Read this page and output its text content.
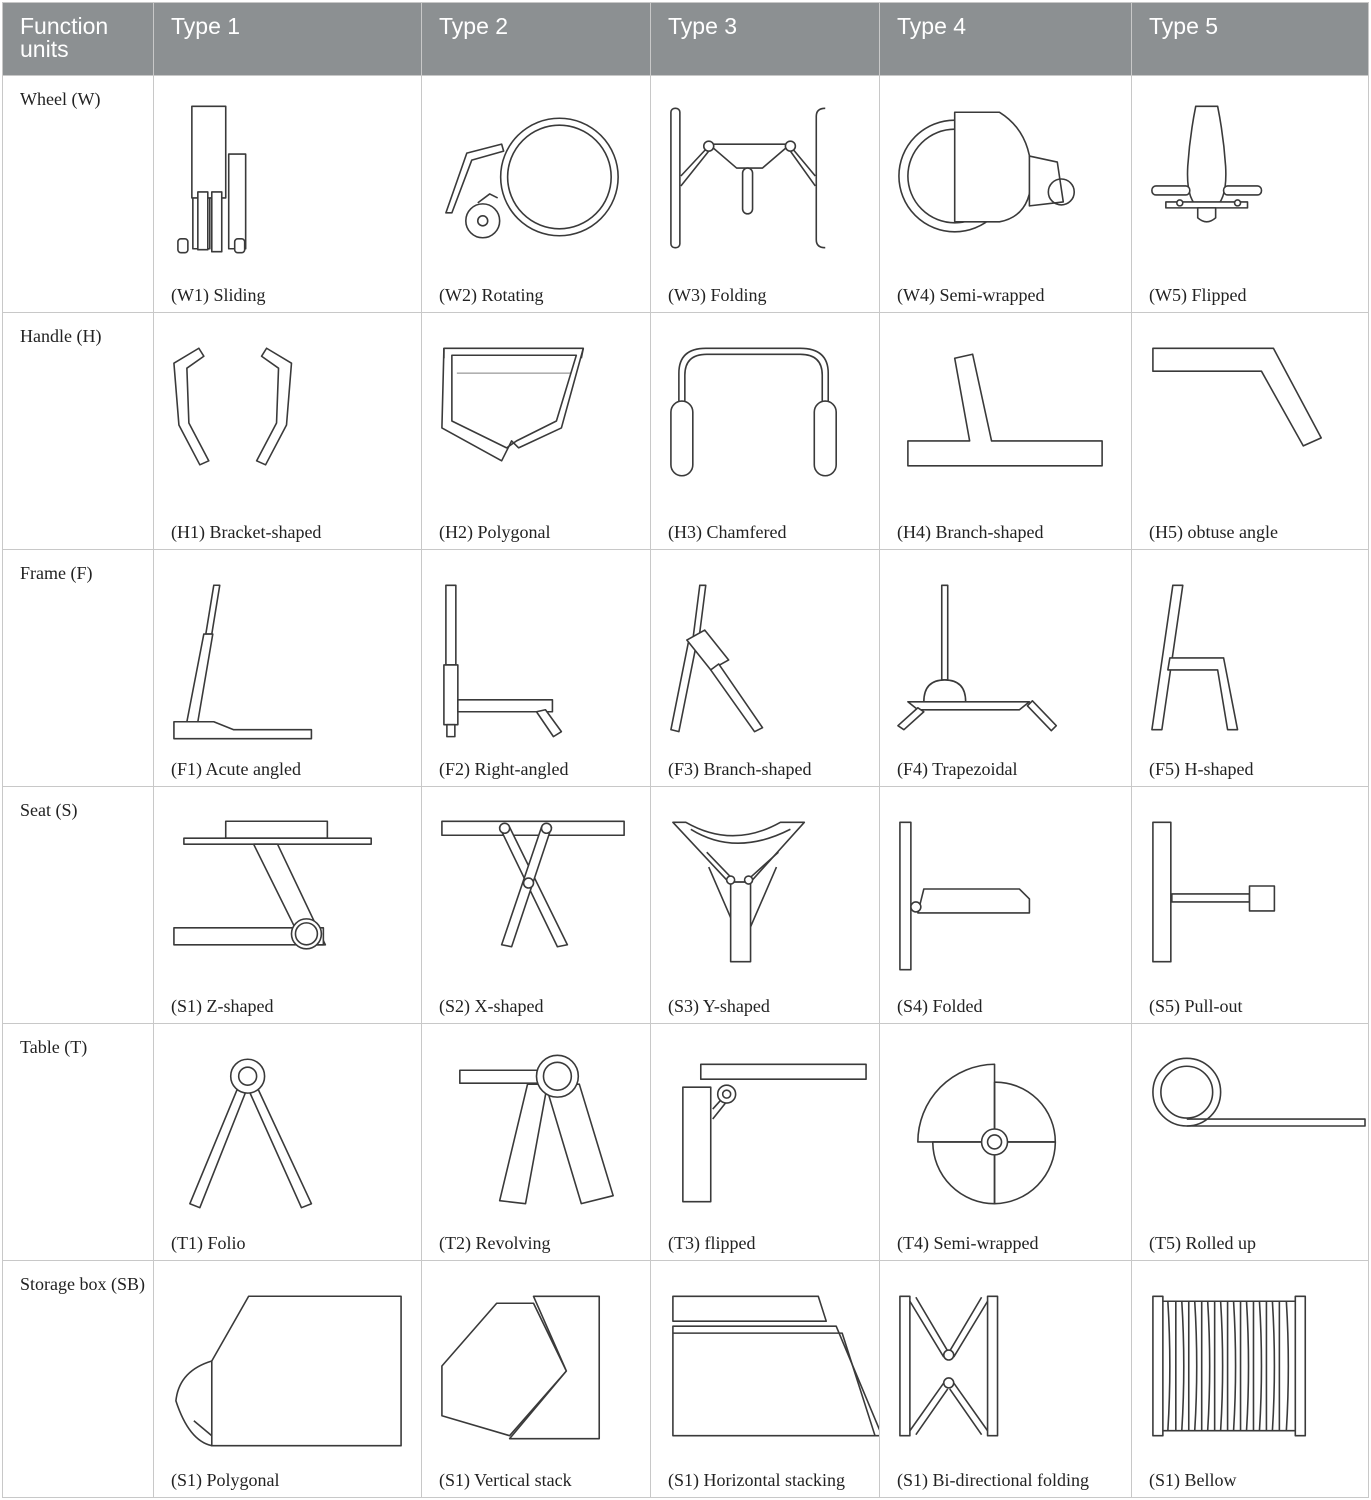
Function units	Type 1	Type 2	Type 3	Type 4	Type 5

Wheel (W)	(W1) Sliding	(W2) Rotating	(W3) Folding	(W4) Semi-wrapped	(W5) Flipped

Handle (H)	(H1) Bracket-shaped	(H2) Polygonal	(H3) Chamfered	(H4) Branch-shaped	(H5) obtuse angle

Frame (F)	(F1) Acute angled	(F2) Right-angled	(F3) Branch-shaped	(F4) Trapezoidal	(F5) H-shaped

Seat (S)	(S1) Z-shaped	(S2) X-shaped	(S3) Y-shaped	(S4) Folded	(S5) Pull-out

Table (T)	(T1) Folio	(T2) Revolving	(T3) flipped	(T4) Semi-wrapped	(T5) Rolled up

Storage box (SB)	(S1) Polygonal	(S1) Vertical stack	(S1) Horizontal stacking	(S1) Bi-directional folding	(S1) Bellow
